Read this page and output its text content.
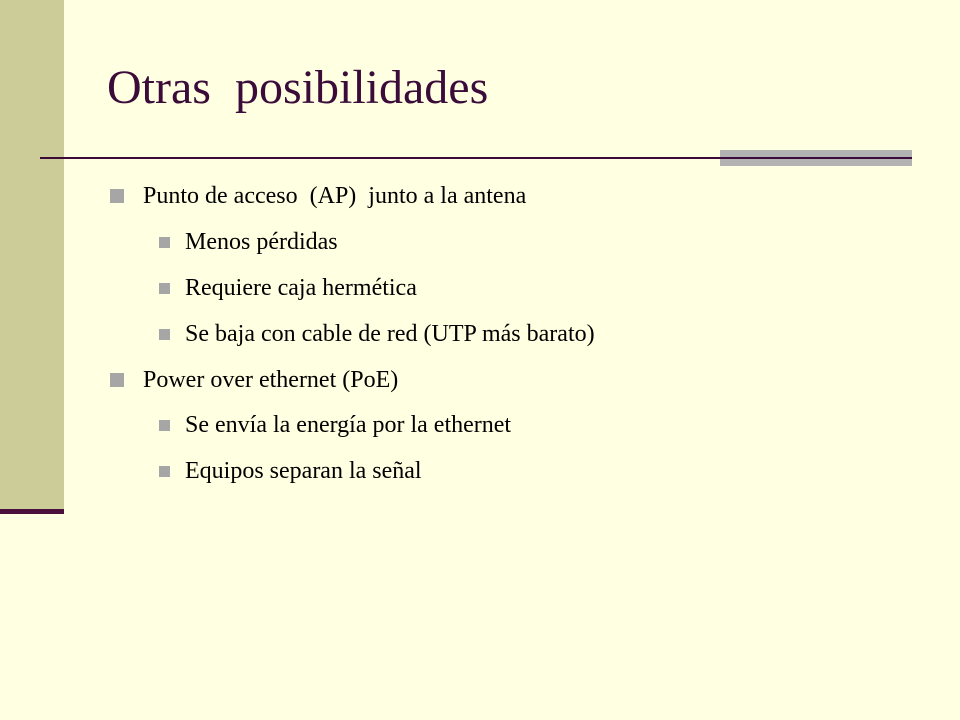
Otras  posibilidades
Punto de acceso  (AP)  junto a la antena
Menos pérdidas
Requiere caja hermética
Se baja con cable de red (UTP más barato)
Power over ethernet (PoE)
Se envía la energía por la ethernet
Equipos separan la señal
